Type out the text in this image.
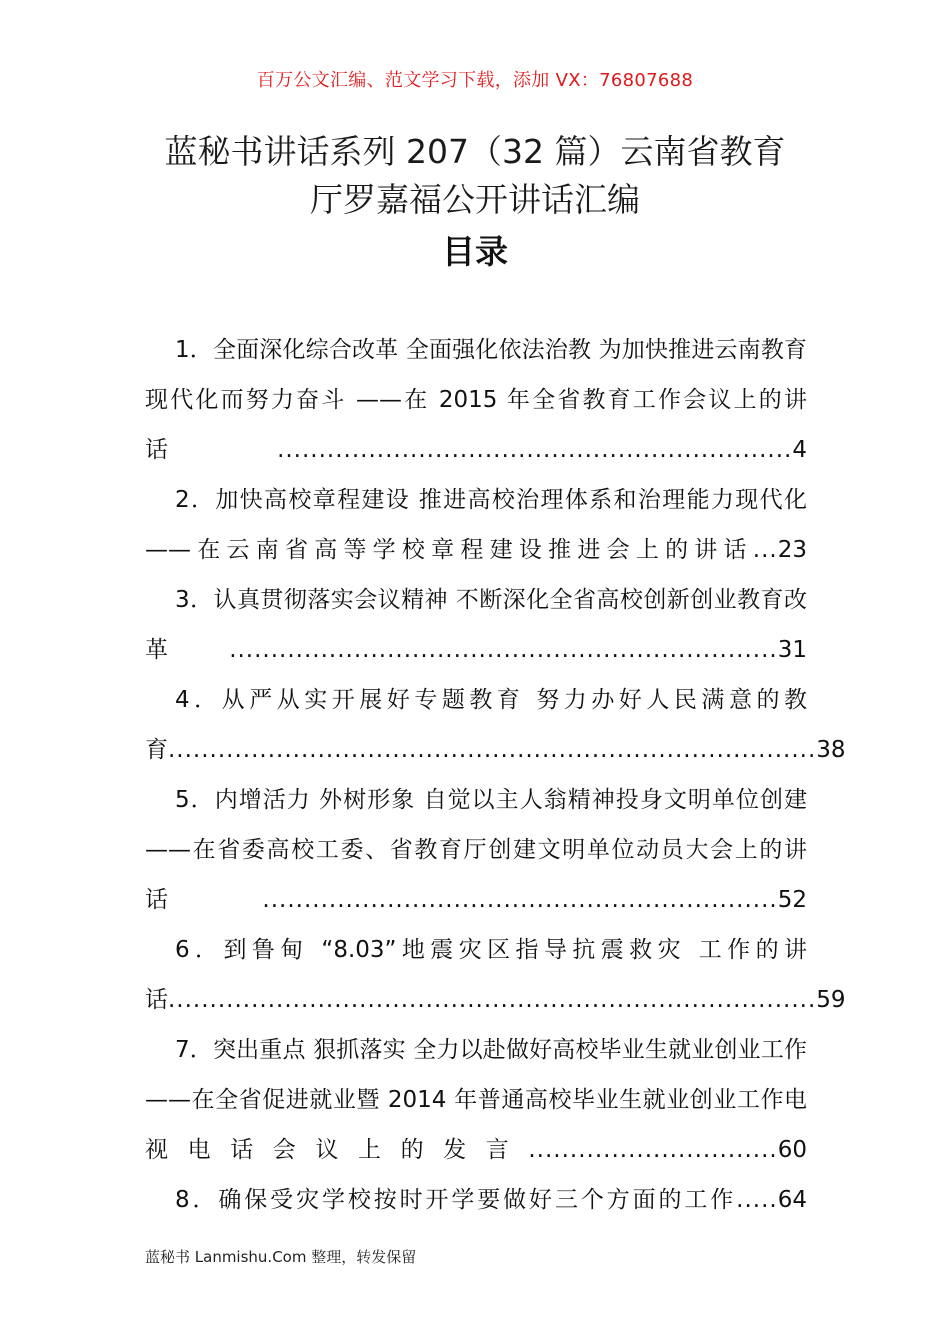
百万公文汇编、范文学习下载，添加 VX：76807688
蓝秘书讲话系列 207（32 篇）云南省教育
厅罗嘉福公开讲话汇编
目录
1．全面深化综合改革 全面强化依法治教 为加快推进云南教育现代化而努力奋斗 ——在 2015 年全省教育工作会议上的讲话..............................................................4
2．加快高校章程建设 推进高校治理体系和治理能力现代化 ——在云南省高等学校章程建设推进会上的讲话...23
3．认真贯彻落实会议精神 不断深化全省高校创新创业教育改革..................................................................31
4．从严从实开展好专题教育 努力办好人民满意的教育..............................................................................38
5．内增活力 外树形象 自觉以主人翁精神投身文明单位创建 ——在省委高校工委、省教育厅创建文明单位动员大会上的讲话..............................................................52
6．到鲁甸 “8.03”地震灾区指导抗震救灾 工作的讲话..............................................................................59
7．突出重点 狠抓落实 全力以赴做好高校毕业生就业创业工作 ——在全省促进就业暨 2014 年普通高校毕业生就业创业工作电视电话会议上的发言..............................60
8．确保受灾学校按时开学要做好三个方面的工作.....64
蓝秘书 Lanmishu.Com 整理，转发保留
